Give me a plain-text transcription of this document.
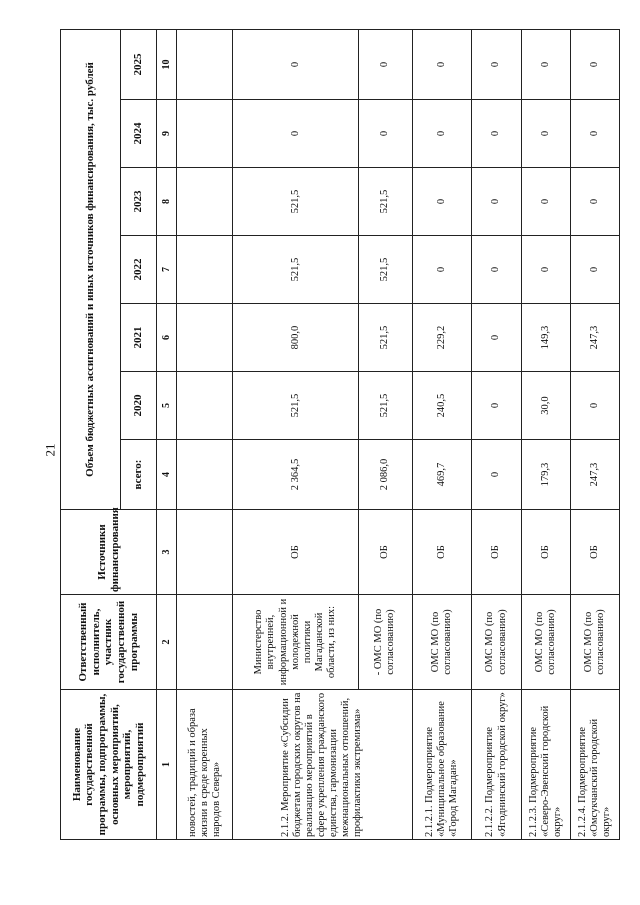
21
Наименование государственной программы, подпрограммы, основных мероприятий, мероприятий, подмероприятий	Ответственный исполнитель, участник государственной программы	Источники финансирования	Объем бюджетных ассигнований и иных источников финансирования, тыс. рублей						
			всего:	2020	2021	2022	2023	2024	2025
1	2	3	4	5	6	7	8	9	10
новостей, традиций и образа жизни в среде коренных народов Севера»									
2.1.2. Мероприятие «Субсидии бюджетам городских округов на реализацию мероприятий в сфере укрепления гражданского единства, гармонизации межнациональных отношений, профилактики экстремизма»	Министерство внутренней, информационной и молодежной политики Магаданской области, из них:	ОБ	2 364,5	521,5	800,0	521,5	521,5	0	0
	- ОМС МО (по согласованию)	ОБ	2 086,0	521,5	521,5	521,5	521,5	0	0
2.1.2.1. Подмероприятие «Муниципальное образование «Город Магадан»	ОМС МО (по согласованию)	ОБ	469,7	240,5	229,2	0	0	0	0
2.1.2.2. Подмероприятие «Ягоднинский городской округ»	ОМС МО (по согласованию)	ОБ	0	0	0	0	0	0	0
2.1.2.3. Подмероприятие «Северо-Эвенский городской округ»	ОМС МО (по согласованию)	ОБ	179,3	30,0	149,3	0	0	0	0
2.1.2.4. Подмероприятие «Омсукчанский городской округ»	ОМС МО (по согласованию)	ОБ	247,3	0	247,3	0	0	0	0
